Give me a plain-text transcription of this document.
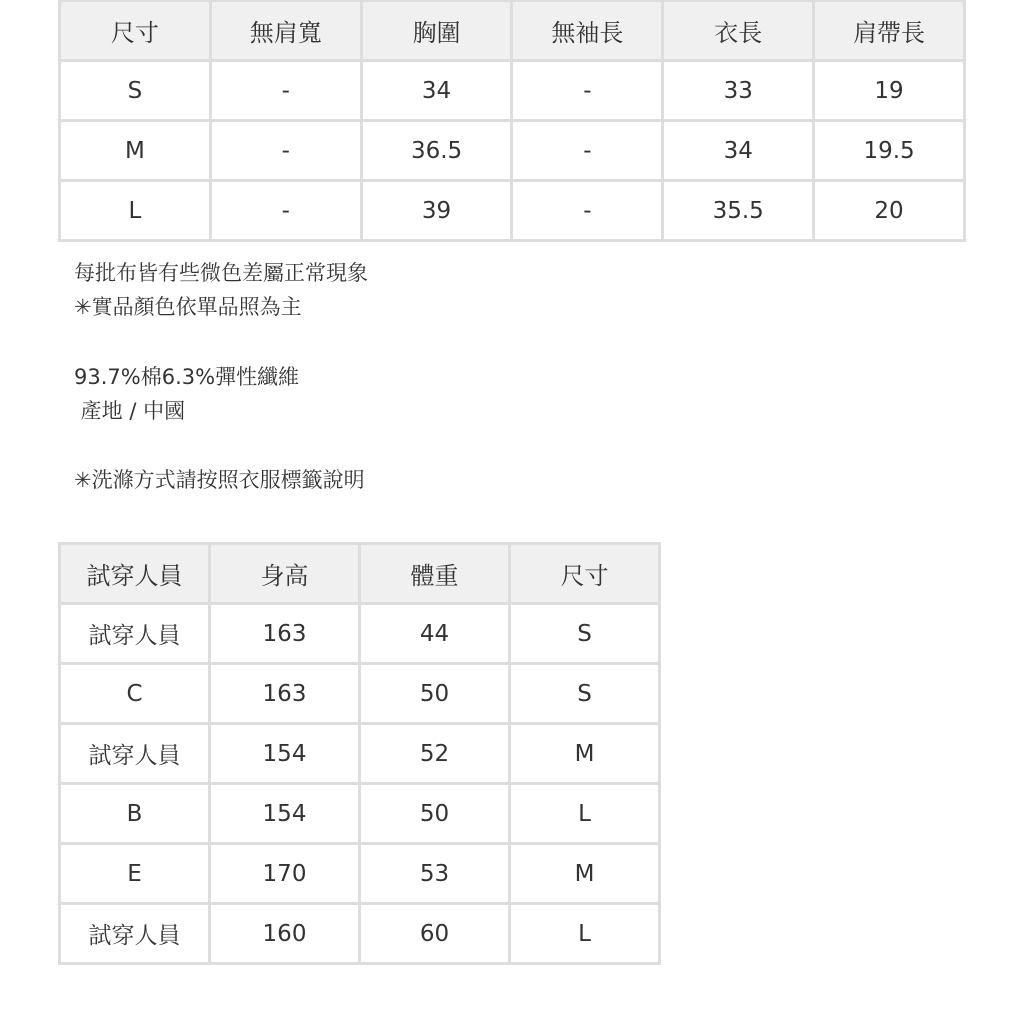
尺寸	無肩寬	胸圍	無袖長	衣長	肩帶長
S	-	34	-	33	19
M	-	36.5	-	34	19.5
L	-	39	-	35.5	20
每批布皆有些微色差屬正常現象
✳實品顏色依單品照為主
93.7%棉6.3%彈性纖維
產地 / 中國
✳洗滌方式請按照衣服標籤說明
試穿人員	身高	體重	尺寸
試穿人員	163	44	S
C	163	50	S
試穿人員	154	52	M
B	154	50	L
E	170	53	M
試穿人員	160	60	L
